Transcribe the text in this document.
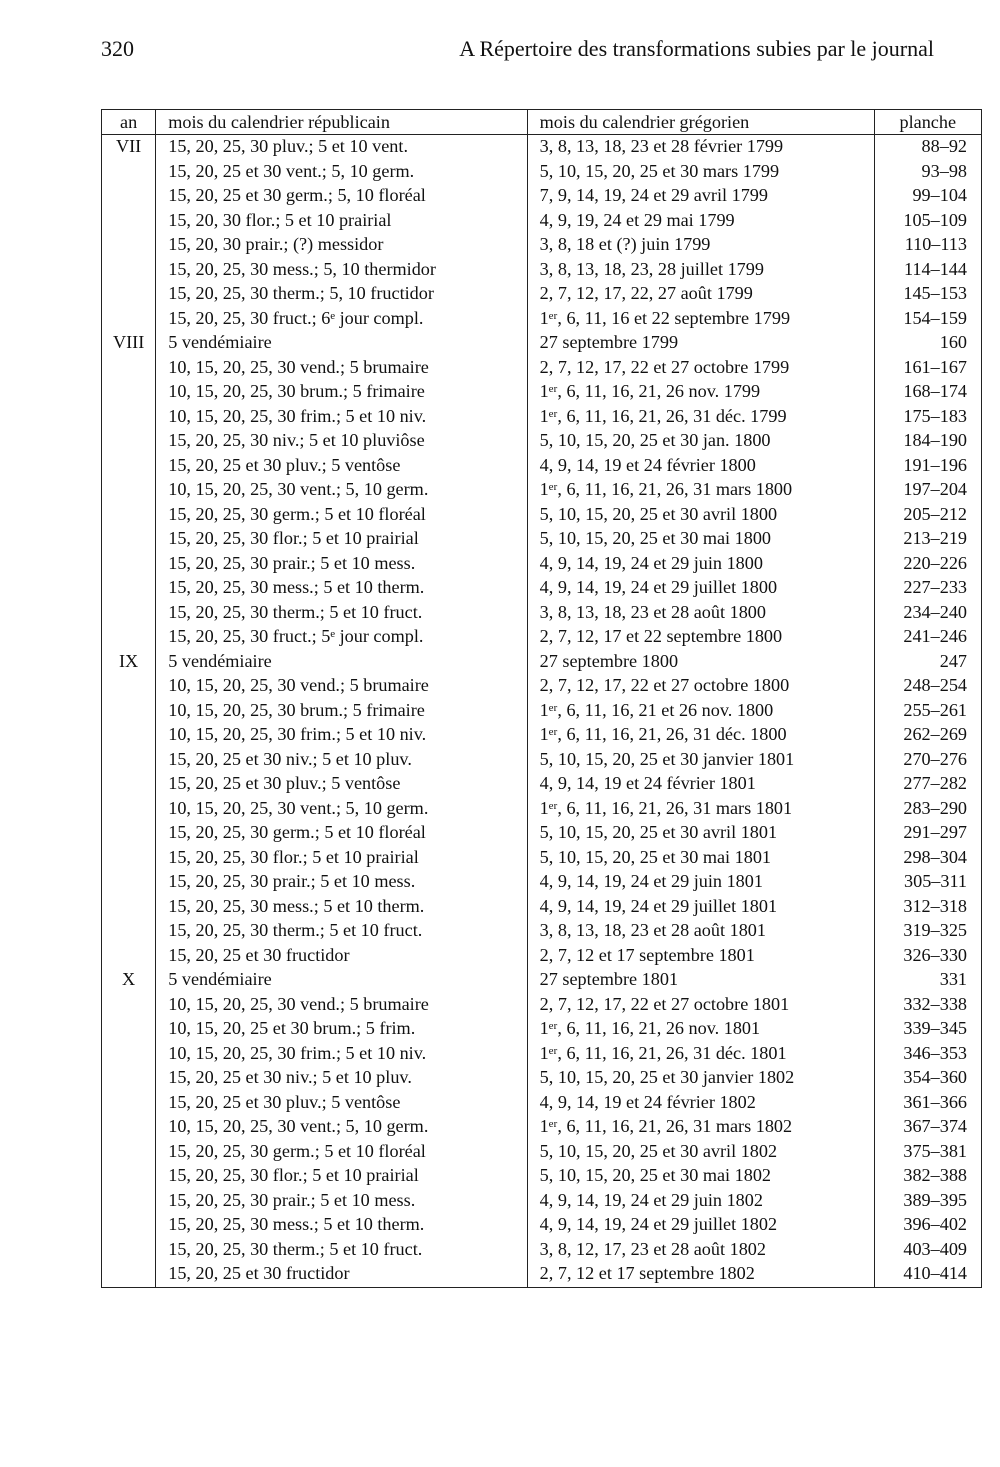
320	A Répertoire des transformations subies par le journal
an	mois du calendrier républicain	mois du calendrier grégorien	planche
VII	15, 20, 25, 30 pluv.; 5 et 10 vent.	3, 8, 13, 18, 23 et 28 février 1799	88–92
	15, 20, 25 et 30 vent.; 5, 10 germ.	5, 10, 15, 20, 25 et 30 mars 1799	93–98
	15, 20, 25 et 30 germ.; 5, 10 floréal	7, 9, 14, 19, 24 et 29 avril 1799	99–104
	15, 20, 30 flor.; 5 et 10 prairial	4, 9, 19, 24 et 29 mai 1799	105–109
	15, 20, 30 prair.; (?) messidor	3, 8, 18 et (?) juin 1799	110–113
	15, 20, 25, 30 mess.; 5, 10 thermidor	3, 8, 13, 18, 23, 28 juillet 1799	114–144
	15, 20, 25, 30 therm.; 5, 10 fructidor	2, 7, 12, 17, 22, 27 août 1799	145–153
	15, 20, 25, 30 fruct.; 6ᵉ jour compl.	1ᵉʳ, 6, 11, 16 et 22 septembre 1799	154–159
VIII	5 vendémiaire	27 septembre 1799	160
	10, 15, 20, 25, 30 vend.; 5 brumaire	2, 7, 12, 17, 22 et 27 octobre 1799	161–167
	10, 15, 20, 25, 30 brum.; 5 frimaire	1ᵉʳ, 6, 11, 16, 21, 26 nov. 1799	168–174
	10, 15, 20, 25, 30 frim.; 5 et 10 niv.	1ᵉʳ, 6, 11, 16, 21, 26, 31 déc. 1799	175–183
	15, 20, 25, 30 niv.; 5 et 10 pluviôse	5, 10, 15, 20, 25 et 30 jan. 1800	184–190
	15, 20, 25 et 30 pluv.; 5 ventôse	4, 9, 14, 19 et 24 février 1800	191–196
	10, 15, 20, 25, 30 vent.; 5, 10 germ.	1ᵉʳ, 6, 11, 16, 21, 26, 31 mars 1800	197–204
	15, 20, 25, 30 germ.; 5 et 10 floréal	5, 10, 15, 20, 25 et 30 avril 1800	205–212
	15, 20, 25, 30 flor.; 5 et 10 prairial	5, 10, 15, 20, 25 et 30 mai 1800	213–219
	15, 20, 25, 30 prair.; 5 et 10 mess.	4, 9, 14, 19, 24 et 29 juin 1800	220–226
	15, 20, 25, 30 mess.; 5 et 10 therm.	4, 9, 14, 19, 24 et 29 juillet 1800	227–233
	15, 20, 25, 30 therm.; 5 et 10 fruct.	3, 8, 13, 18, 23 et 28 août 1800	234–240
	15, 20, 25, 30 fruct.; 5ᵉ jour compl.	2, 7, 12, 17 et 22 septembre 1800	241–246
IX	5 vendémiaire	27 septembre 1800	247
	10, 15, 20, 25, 30 vend.; 5 brumaire	2, 7, 12, 17, 22 et 27 octobre 1800	248–254
	10, 15, 20, 25, 30 brum.; 5 frimaire	1ᵉʳ, 6, 11, 16, 21 et 26 nov. 1800	255–261
	10, 15, 20, 25, 30 frim.; 5 et 10 niv.	1ᵉʳ, 6, 11, 16, 21, 26, 31 déc. 1800	262–269
	15, 20, 25 et 30 niv.; 5 et 10 pluv.	5, 10, 15, 20, 25 et 30 janvier 1801	270–276
	15, 20, 25 et 30 pluv.; 5 ventôse	4, 9, 14, 19 et 24 février 1801	277–282
	10, 15, 20, 25, 30 vent.; 5, 10 germ.	1ᵉʳ, 6, 11, 16, 21, 26, 31 mars 1801	283–290
	15, 20, 25, 30 germ.; 5 et 10 floréal	5, 10, 15, 20, 25 et 30 avril 1801	291–297
	15, 20, 25, 30 flor.; 5 et 10 prairial	5, 10, 15, 20, 25 et 30 mai 1801	298–304
	15, 20, 25, 30 prair.; 5 et 10 mess.	4, 9, 14, 19, 24 et 29 juin 1801	305–311
	15, 20, 25, 30 mess.; 5 et 10 therm.	4, 9, 14, 19, 24 et 29 juillet 1801	312–318
	15, 20, 25, 30 therm.; 5 et 10 fruct.	3, 8, 13, 18, 23 et 28 août 1801	319–325
	15, 20, 25 et 30 fructidor	2, 7, 12 et 17 septembre 1801	326–330
X	5 vendémiaire	27 septembre 1801	331
	10, 15, 20, 25, 30 vend.; 5 brumaire	2, 7, 12, 17, 22 et 27 octobre 1801	332–338
	10, 15, 20, 25 et 30 brum.; 5 frim.	1ᵉʳ, 6, 11, 16, 21, 26 nov. 1801	339–345
	10, 15, 20, 25, 30 frim.; 5 et 10 niv.	1ᵉʳ, 6, 11, 16, 21, 26, 31 déc. 1801	346–353
	15, 20, 25 et 30 niv.; 5 et 10 pluv.	5, 10, 15, 20, 25 et 30 janvier 1802	354–360
	15, 20, 25 et 30 pluv.; 5 ventôse	4, 9, 14, 19 et 24 février 1802	361–366
	10, 15, 20, 25, 30 vent.; 5, 10 germ.	1ᵉʳ, 6, 11, 16, 21, 26, 31 mars 1802	367–374
	15, 20, 25, 30 germ.; 5 et 10 floréal	5, 10, 15, 20, 25 et 30 avril 1802	375–381
	15, 20, 25, 30 flor.; 5 et 10 prairial	5, 10, 15, 20, 25 et 30 mai 1802	382–388
	15, 20, 25, 30 prair.; 5 et 10 mess.	4, 9, 14, 19, 24 et 29 juin 1802	389–395
	15, 20, 25, 30 mess.; 5 et 10 therm.	4, 9, 14, 19, 24 et 29 juillet 1802	396–402
	15, 20, 25, 30 therm.; 5 et 10 fruct.	3, 8, 12, 17, 23 et 28 août 1802	403–409
	15, 20, 25 et 30 fructidor	2, 7, 12 et 17 septembre 1802	410–414
